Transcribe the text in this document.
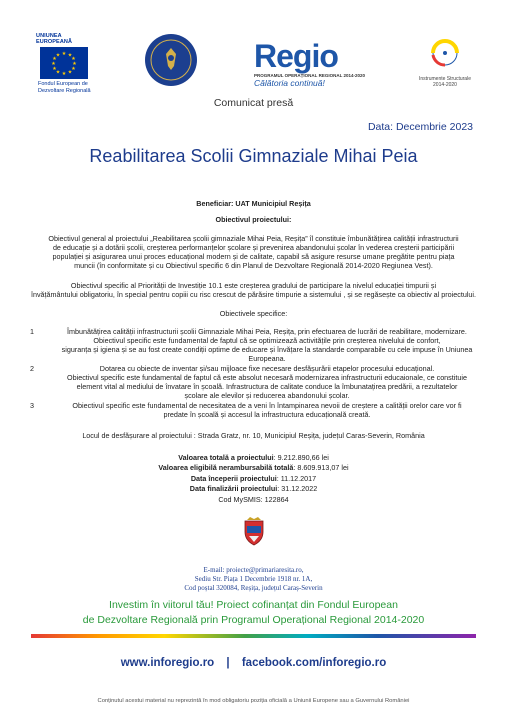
UNIUNEA EUROPEANĂ
★ ★
★
★
★
★
★
★
★
★
★
★
Fondul European de
Dezvoltare Regională
Regio
PROGRAMUL OPERAȚIONAL REGIONAL 2014-2020
Călătoria continuă!	Instrumente Structurale
2014-2020
Comunicat presă
Data: Decembrie 2023
Reabilitarea Scolii Gimnaziale Mihai Peia
Beneficiar: UAT Municipiul Reșița
Obiectivul proiectului:
Obiectivul general al proiectului „Reabilitarea școlii gimnaziale Mihai Peia, Reșița” îl constituie îmbunătățirea calității infrastructurii
de educație și a dotării școlii, creșterea performanțelor școlare și prevenirea abandonului școlar în vederea creșterii participării
populației și asigurarea unui proces educațional modern și de calitate, capabil să asigure resurse umane pregătite pentru piața
muncii (în conformitate și cu Obiectivul specific 6 din Planul de Dezvoltare Regională 2014-2020 Regiunea Vest).
Obiectivul specific al Priorității de Investiție 10.1 este creșterea gradului de participare la nivelul educației timpurii și
învățământului obligatoriu, în special pentru copiii cu risc crescut de părăsire timpurie a sistemului , și se regăsește ca obiectiv al proiectului.
Obiectivele specifice:
1	Îmbunătățirea calității infrastructurii școlii Gimnaziale Mihai Peia, Reșița, prin efectuarea de lucrări de reabilitare, modernizare.
Obiectivul specific este fundamental de faptul că se optimizează activitățile prin creșterea nivelului de confort,
siguranța și igiena și se au fost create condiții optime de educare și învățare la standarde comparabile cu cele impuse în Uniunea
Europeana.
2	Dotarea cu obiecte de inventar și/sau mijloace fixe necesare desfășurării etapelor procesului educațional.
Obiectivul specific este fundamental de faptul că este absolut necesară modernizarea infrastructurii educaionale, ce constituie
element vital al mediului de învatare în școală. Infrastructura de calitate conduce la îmbunatațirea predării, a rezultatelor
școlare ale elevilor și reducerea abandonului școlar.
3	Obiectivul specific este fundamental de necesitatea de a veni în întampinarea nevoii de creștere a calității orelor care vor fi
predate în școală și accesul la infrastructura educațională creată.
Locul de desfășurare al proiectului : Strada Gratz, nr. 10, Municipiul Reșița, județul Caras-Severin, România
Valoarea totală a proiectului: 9.212.890,66 lei
Valoarea eligibilă nerambursabilă totală: 8.609.913,07 lei
Data începerii proiectului: 11.12.2017
Data finalizării proiectului: 31.12.2022
Cod MySMIS: 122864
E-mail: proiecte@primariaresita.ro,
Sediu Str. Piața 1 Decembrie 1918 nr. 1A,
Cod poștal 320084, Reșița, județul Caraș-Severin
Investim în viitorul tău! Proiect cofinanțat din Fondul European
de Dezvoltare Regională prin Programul Operațional Regional 2014-2020
www.inforegio.ro | facebook.com/inforegio.ro
Conținutul acestui material nu reprezintă în mod obligatoriu poziția oficială a Uniunii Europene sau a Guvernului României
